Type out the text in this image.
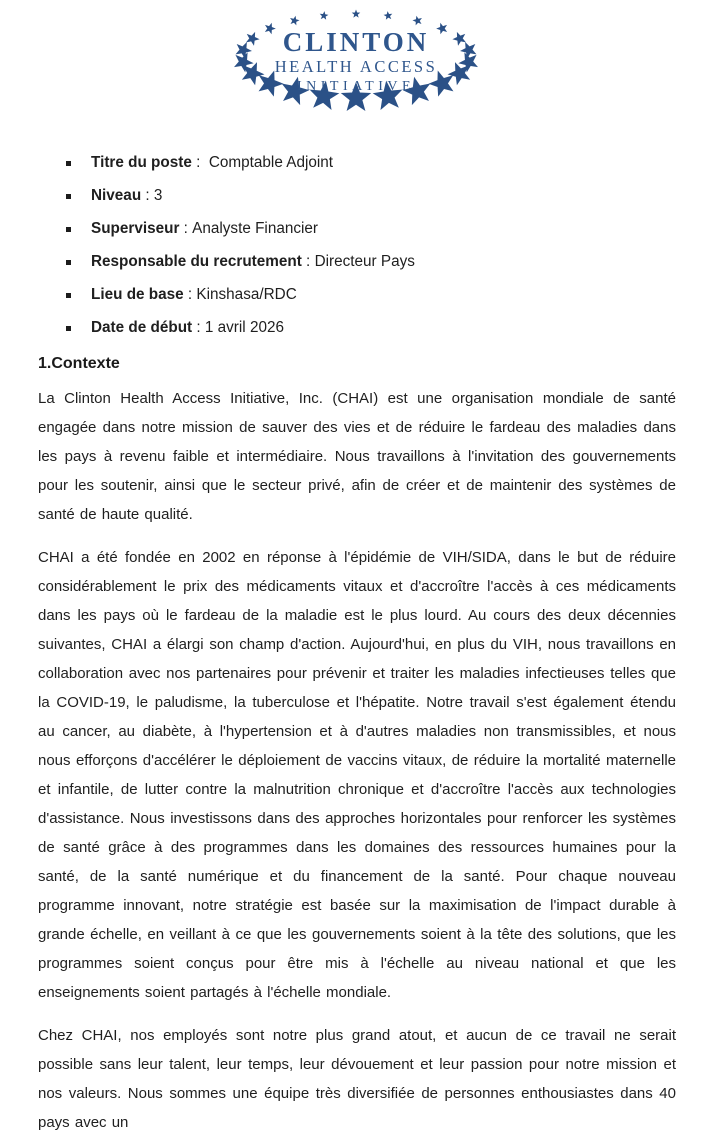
CLINTON
HEALTH ACCESS
INITIATIVE
Titre du poste : Comptable Adjoint
Niveau : 3
Superviseur : Analyste Financier
Responsable du recrutement : Directeur Pays
Lieu de base : Kinshasa/RDC
Date de début : 1 avril 2026
1.Contexte

La Clinton Health Access Initiative, Inc. (CHAI) est une organisation mondiale de santé engagée dans notre mission de sauver des vies et de réduire le fardeau des maladies dans les pays à revenu faible et intermédiaire. Nous travaillons à l'invitation des gouvernements pour les soutenir, ainsi que le secteur privé, afin de créer et de maintenir des systèmes de santé de haute qualité.

CHAI a été fondée en 2002 en réponse à l'épidémie de VIH/SIDA, dans le but de réduire considérablement le prix des médicaments vitaux et d'accroître l'accès à ces médicaments dans les pays où le fardeau de la maladie est le plus lourd. Au cours des deux décennies suivantes, CHAI a élargi son champ d'action. Aujourd'hui, en plus du VIH, nous travaillons en collaboration avec nos partenaires pour prévenir et traiter les maladies infectieuses telles que la COVID-19, le paludisme, la tuberculose et l'hépatite. Notre travail s'est également étendu au cancer, au diabète, à l'hypertension et à d'autres maladies non transmissibles, et nous nous efforçons d'accélérer le déploiement de vaccins vitaux, de réduire la mortalité maternelle et infantile, de lutter contre la malnutrition chronique et d'accroître l'accès aux technologies d'assistance. Nous investissons dans des approches horizontales pour renforcer les systèmes de santé grâce à des programmes dans les domaines des ressources humaines pour la santé, de la santé numérique et du financement de la santé. Pour chaque nouveau programme innovant, notre stratégie est basée sur la maximisation de l'impact durable à grande échelle, en veillant à ce que les gouvernements soient à la tête des solutions, que les programmes soient conçus pour être mis à l'échelle au niveau national et que les enseignements soient partagés à l'échelle mondiale.

Chez CHAI, nos employés sont notre plus grand atout, et aucun de ce travail ne serait possible sans leur talent, leur temps, leur dévouement et leur passion pour notre mission et nos valeurs. Nous sommes une équipe très diversifiée de personnes enthousiastes dans 40 pays avec un
